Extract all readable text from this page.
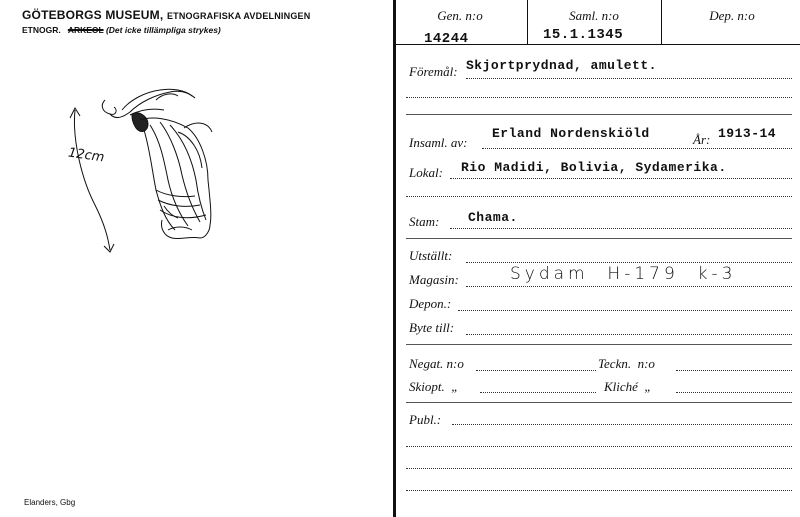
GÖTEBORGS MUSEUM, ETNOGRAFISKA AVDELNINGEN
ETNOGR. ARKEOL (Det icke tillämpliga strykes)
12cm
Elanders, Gbg
Gen. n:o
14244
Saml. n:o
15.1.1345
Dep. n:o
Föremål: Skjortprydnad, amulett.
Insaml. av:
Erland Nordenskiöld	År: 1913-14
Lokal: Rio Madidi, Bolivia, Sydamerika.
Stam: Chama.
Utställt:
Magasin:	Sydam  H-179  k-3
Depon.:
Byte till:
Negat. n:o	Teckn.  n:o
Skiopt.  „	Kliché  „
Publ.:
